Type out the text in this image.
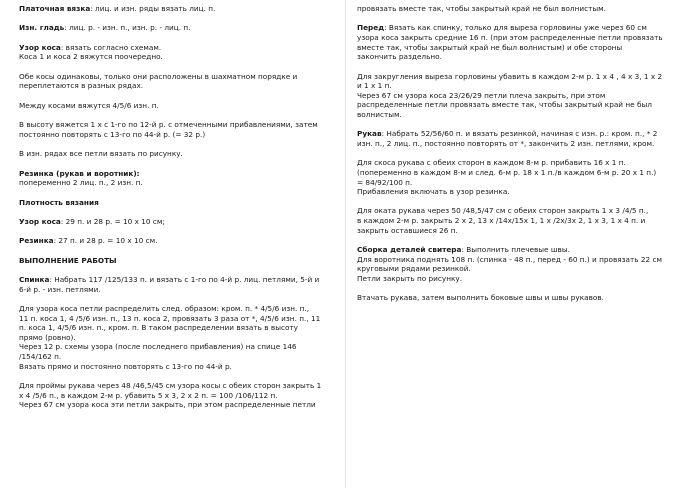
Платочная вязка: лиц. и изн. ряды вязать лиц. п.

Изн. гладь: лиц. р. - изн. п., изн. р. - лиц. п.

Узор коса: вязать согласно схемам.
Коса 1 и коса 2 вяжутся поочередно.

Обе косы одинаковы, только они расположены в шахматном порядке и
переплетаются в разных рядах.

Между косами вяжутся 4/5/6 изн. п.

В высоту вяжется 1 х с 1-го по 12-й р. с отмеченными прибавлениями, затем
постоянно повторять с 13-го по 44-й р. (= 32 р.)

В изн. рядах все петли вязать по рисунку.

Резинка (рукав и воротник):
попеременно 2 лиц. п., 2 изн. п.

Плотность вязания

Узор коса: 29 п. и 28 р. = 10 х 10 см;

Резинка: 27 п. и 28 р. = 10 х 10 см.

ВЫПОЛНЕНИЕ РАБОТЫ

Спинка: Набрать 117 /125/133 п. и вязать с 1-го по 4-й р. лиц. петлями, 5-й и
6-й р. - изн. петлями.

Для узора коса петли распределить след. образом: кром. п. * 4/5/6 изн. п.,
11 п. коса 1, 4 /5/6 изн. п., 13 п. коса 2, провязать 3 раза от *, 4/5/6 изн. п., 11
п. коса 1, 4/5/6 изн. п., кром. п. В таком распределении вязать в высоту
прямо (ровно).
Через 12 р. схемы узора (после последнего прибавления) на спице 146
/154/162 п.
Вязать прямо и постоянно повторять с 13-го по 44-й р.

Для проймы рукава через 48 /46,5/45 см узора косы с обеих сторон закрыть 1
х 4 /5/6 п., в каждом 2-м р. убавить 5 х 3, 2 х 2 п. = 100 /106/112 п.
Через 67 см узора коса эти петли закрыть, при этом распределенные петли

провязать вместе так, чтобы закрытый край не был волнистым.

Перед: Вязать как спинку, только для выреза горловины уже через 60 см
узора коса закрыть средние 16 п. (при этом распределенные петли провязать
вместе так, чтобы закрытый край не был волнистым) и обе стороны
закончить раздельно.

Для закругления выреза горловины убавить в каждом 2-м р. 1 х 4 , 4 х 3, 1 х 2
и 1 х 1 п.
Через 67 см узора коса 23/26/29 петли плеча закрыть, при этом
распределенные петли провязать вместе так, чтобы закрытый край не был
волнистым.

Рукав: Набрать 52/56/60 п. и вязать резинкой, начиная с изн. р.: кром. п., * 2
изн. п., 2 лиц. п., постоянно повторять от *, закончить 2 изн. петлями, кром.

Для скоса рукава с обеих сторон в каждом 8-м р. прибавить 16 х 1 п.
(попеременно в каждом 8-м и след. 6-м р. 18 х 1 п./в каждом 6-м р. 20 х 1 п.)
= 84/92/100 п.
Прибавления включать в узор резинка.

Для оката рукава через 50 /48,5/47 см с обеих сторон закрыть 1 х 3 /4/5 п.,
в каждом 2-м р. закрыть 2 х 2, 13 х /14х/15х 1, 1 х /2х/3х 2, 1 х 3, 1 х 4 п. и
закрыть оставшиеся 26 п.

Сборка деталей свитера: Выполнить плечевые швы.
Для воротника поднять 108 п. (спинка - 48 п., перед - 60 п.) и провязать 22 см
круговыми рядами резинкой.
Петли закрыть по рисунку.

Втачать рукава, затем выполнить боковые швы и швы рукавов.
